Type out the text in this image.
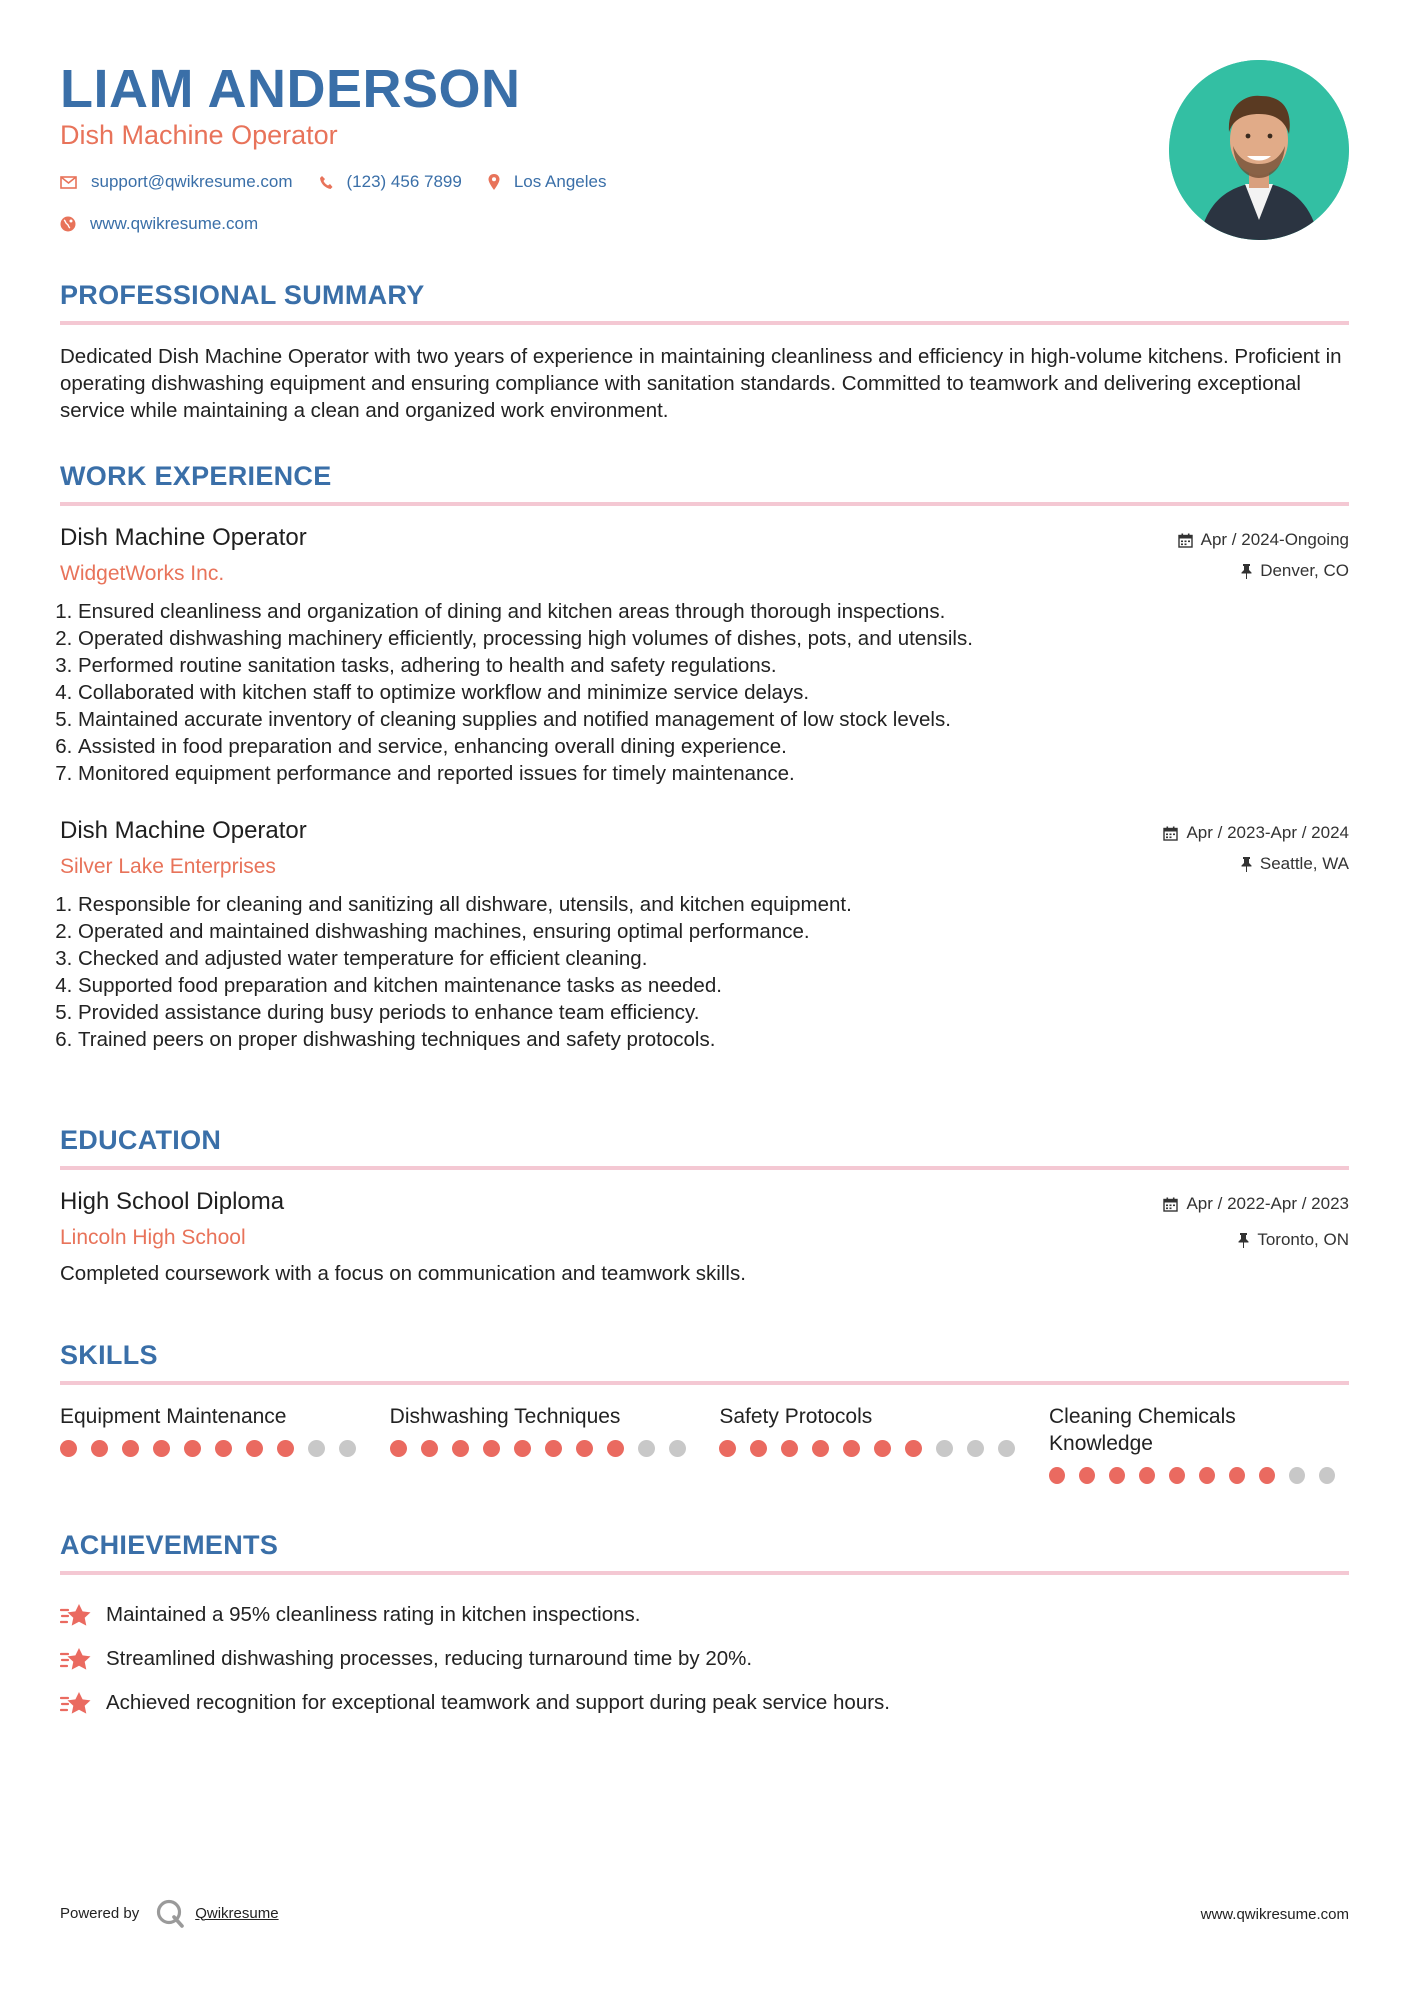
LIAM ANDERSON
Dish Machine Operator
support@qwikresume.com	(123) 456 7899	Los Angeles
www.qwikresume.com
PROFESSIONAL SUMMARY
Dedicated Dish Machine Operator with two years of experience in maintaining cleanliness and efficiency in high-volume kitchens. Proficient in operating dishwashing equipment and ensuring compliance with sanitation standards. Committed to teamwork and delivering exceptional service while maintaining a clean and organized work environment.
WORK EXPERIENCE
Dish Machine Operator
WidgetWorks Inc.
Apr / 2024-Ongoing
Denver, CO
1. Ensured cleanliness and organization of dining and kitchen areas through thorough inspections.
2. Operated dishwashing machinery efficiently, processing high volumes of dishes, pots, and utensils.
3. Performed routine sanitation tasks, adhering to health and safety regulations.
4. Collaborated with kitchen staff to optimize workflow and minimize service delays.
5. Maintained accurate inventory of cleaning supplies and notified management of low stock levels.
6. Assisted in food preparation and service, enhancing overall dining experience.
7. Monitored equipment performance and reported issues for timely maintenance.
Dish Machine Operator
Silver Lake Enterprises
Apr / 2023-Apr / 2024
Seattle, WA
1. Responsible for cleaning and sanitizing all dishware, utensils, and kitchen equipment.
2. Operated and maintained dishwashing machines, ensuring optimal performance.
3. Checked and adjusted water temperature for efficient cleaning.
4. Supported food preparation and kitchen maintenance tasks as needed.
5. Provided assistance during busy periods to enhance team efficiency.
6. Trained peers on proper dishwashing techniques and safety protocols.
EDUCATION
High School Diploma
Lincoln High School
Apr / 2022-Apr / 2023
Toronto, ON
Completed coursework with a focus on communication and teamwork skills.
SKILLS
Equipment Maintenance	Dishwashing Techniques	Safety Protocols	Cleaning Chemicals Knowledge
ACHIEVEMENTS
Maintained a 95% cleanliness rating in kitchen inspections.
Streamlined dishwashing processes, reducing turnaround time by 20%.
Achieved recognition for exceptional teamwork and support during peak service hours.
Powered by	Qwikresume	www.qwikresume.com
